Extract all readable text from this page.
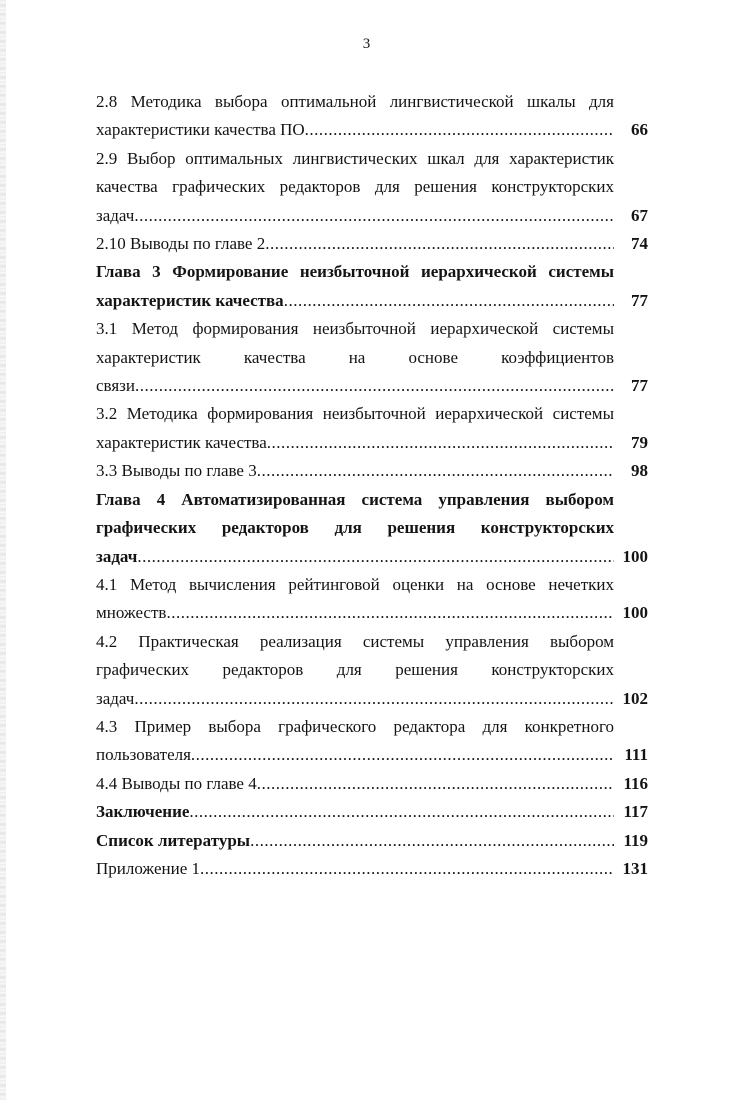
3
2.8 Методика выбора оптимальной лингвистической шкалы для
характеристики качества ПО .....	66
2.9 Выбор оптимальных лингвистических шкал для характеристик
качества графических редакторов для решения конструкторских
задач .....	67
2.10 Выводы по главе 2 .....	74
Глава 3 Формирование неизбыточной иерархической системы
характеристик качества .....	77
3.1 Метод формирования неизбыточной иерархической системы
характеристик качества на основе коэффициентов
связи .....	77
3.2 Методика формирования неизбыточной иерархической системы
характеристик качества .....	79
3.3 Выводы по главе 3 .....	98
Глава 4 Автоматизированная система управления выбором
графических редакторов для решения конструкторских
задач .....	100
4.1 Метод вычисления рейтинговой оценки на основе нечетких
множеств .....	100
4.2 Практическая реализация системы управления выбором
графических редакторов для решения конструкторских
задач .....	102
4.3 Пример выбора графического редактора для конкретного
пользователя .....	111
4.4 Выводы по главе 4 .....	116
Заключение .....	117
Список литературы .....	119
Приложение 1 .....	131
